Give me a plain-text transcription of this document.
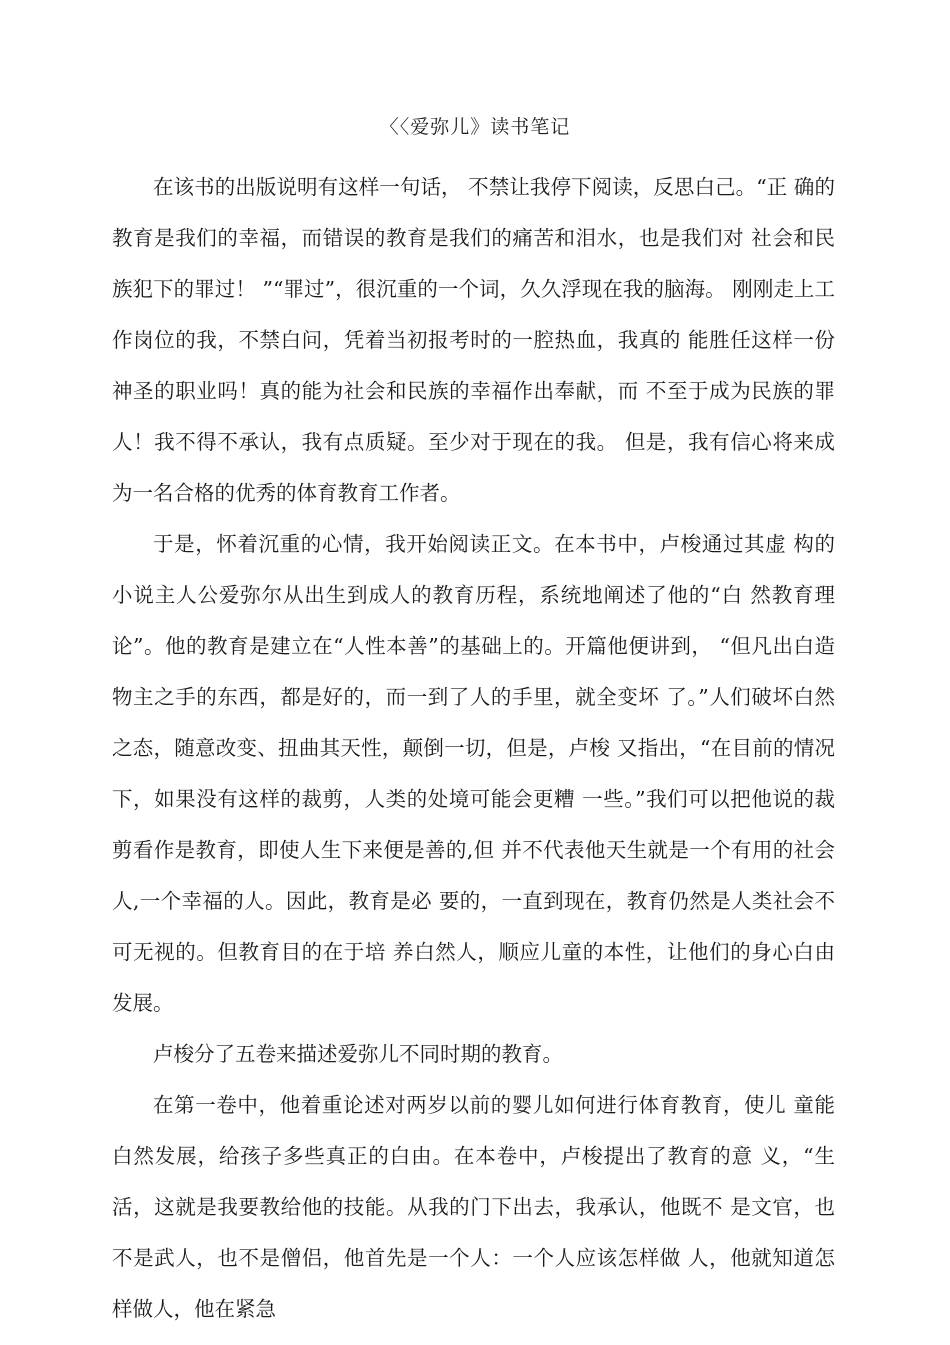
〈〈爱弥儿》读书笔记

在该书的出版说明有这样一句话， 不禁让我停下阅读，反思白己。“正 确的教育是我们的幸福，而错误的教育是我们的痛苦和泪水，也是我们对 社会和民族犯下的罪过！ ”“罪过”，很沉重的一个词，久久浮现在我的脑海。 刚刚走上工作岗位的我，不禁白问，凭着当初报考时的一腔热血，我真的 能胜任这样一份神圣的职业吗！真的能为社会和民族的幸福作出奉献，而 不至于成为民族的罪人！我不得不承认，我有点质疑。至少对于现在的我。 但是，我有信心将来成为一名合格的优秀的体育教育工作者。

于是，怀着沉重的心情，我开始阅读正文。在本书中，卢梭通过其虚 构的小说主人公爱弥尔从出生到成人的教育历程，系统地阐述了他的“白 然教育理论”。他的教育是建立在“人性本善”的基础上的。开篇他便讲到， “但凡出白造物主之手的东西，都是好的，而一到了人的手里，就全变坏 了。”人们破坏白然之态，随意改变、扭曲其天性，颠倒一切，但是，卢梭 又指出，“在目前的情况下，如果没有这样的裁剪，人类的处境可能会更糟 一些。”我们可以把他说的裁剪看作是教育，即使人生下来便是善的,但 并不代表他天生就是一个有用的社会人,一个幸福的人。因此，教育是必 要的，一直到现在，教育仍然是人类社会不可无视的。但教育目的在于培 养白然人，顺应儿童的本性，让他们的身心白由发展。

卢梭分了五卷来描述爱弥儿不同时期的教育。

在第一卷中，他着重论述对两岁以前的婴儿如何进行体育教育，使儿 童能白然发展，给孩子多些真正的白由。在本卷中，卢梭提出了教育的意 义，“生活，这就是我要教给他的技能。从我的门下出去，我承认，他既不 是文官，也不是武人，也不是僧侣，他首先是一个人：一个人应该怎样做 人，他就知道怎样做人，他在紧急
